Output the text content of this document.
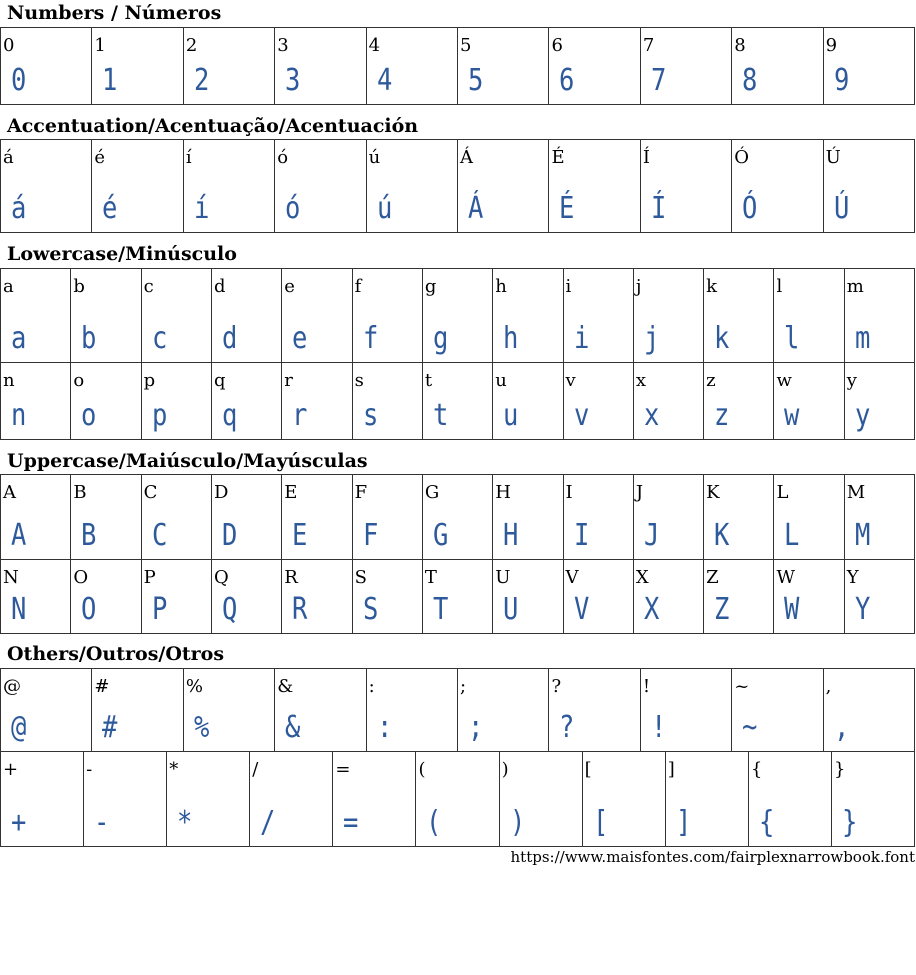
Numbers / Números
0
0
1
1
2
2
3
3
4
4
5
5
6
6
7
7
8
8
9
9
Accentuation/Acentuação/Acentuación
á
á
é
é
í
í
ó
ó
ú
ú
Á
Á
É
É
Í
Í
Ó
Ó
Ú
Ú
Lowercase/Minúsculo
a
a
b
b
c
c
d
d
e
e
f
f
g
g
h
h
i
i
j
j
k
k
l
l
m
m
n
n
o
o
p
p
q
q
r
r
s
s
t
t
u
u
v
v
x
x
z
z
w
w
y
y
Uppercase/Maiúsculo/Mayúsculas
A
A
B
B
C
C
D
D
E
E
F
F
G
G
H
H
I
I
J
J
K
K
L
L
M
M
N
N
O
O
P
P
Q
Q
R
R
S
S
T
T
U
U
V
V
X
X
Z
Z
W
W
Y
Y
Others/Outros/Otros
@
@
#
#
%
%
&
&
:
:
;
;
?
?
!
!
~
~
,
,
+
+
-
-
*
*
/
/
=
=
(
(
)
)
[
[
]
]
{
{
}
}
https://www.maisfontes.com/fairplexnarrowbook.font
